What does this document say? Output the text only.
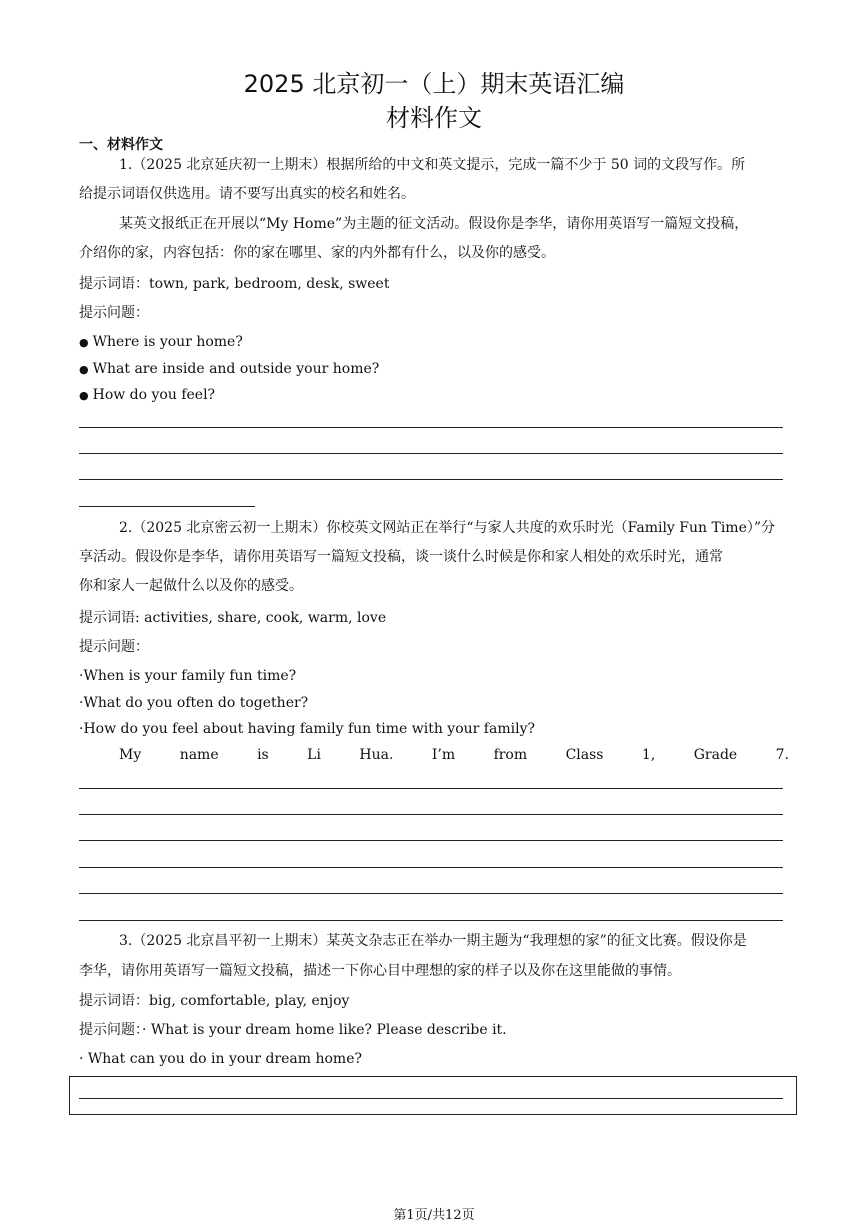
2025 北京初一（上）期末英语汇编
材料作文
一、材料作文
1.（2025 北京延庆初一上期末）根据所给的中文和英文提示，完成一篇不少于 50 词的文段写作。所
给提示词语仅供选用。请不要写出真实的校名和姓名。
某英文报纸正在开展以“My Home”为主题的征文活动。假设你是李华，请你用英语写一篇短文投稿，
介绍你的家，内容包括：你的家在哪里、家的内外都有什么，以及你的感受。
提示词语：town, park, bedroom, desk, sweet
提示问题：
● Where is your home?
● What are inside and outside your home?
● How do you feel?
2.（2025 北京密云初一上期末）你校英文网站正在举行“与家人共度的欢乐时光（Family Fun Time）”分
享活动。假设你是李华，请你用英语写一篇短文投稿，谈一谈什么时候是你和家人相处的欢乐时光，通常
你和家人一起做什么以及你的感受。
提示词语: activities, share, cook, warm, love
提示问题：
·When is your family fun time?
·What do you often do together?
·How do you feel about having family fun time with your family?
My	name	is	Li	Hua.	I’m	from	Class	1,	Grade	7.
3.（2025 北京昌平初一上期末）某英文杂志正在举办一期主题为“我理想的家”的征文比赛。假设你是
李华，请你用英语写一篇短文投稿，描述一下你心目中理想的家的样子以及你在这里能做的事情。
提示词语：big, comfortable, play, enjoy
提示问题：· What is your dream home like? Please describe it.
· What can you do in your dream home?
第1页/共12页
